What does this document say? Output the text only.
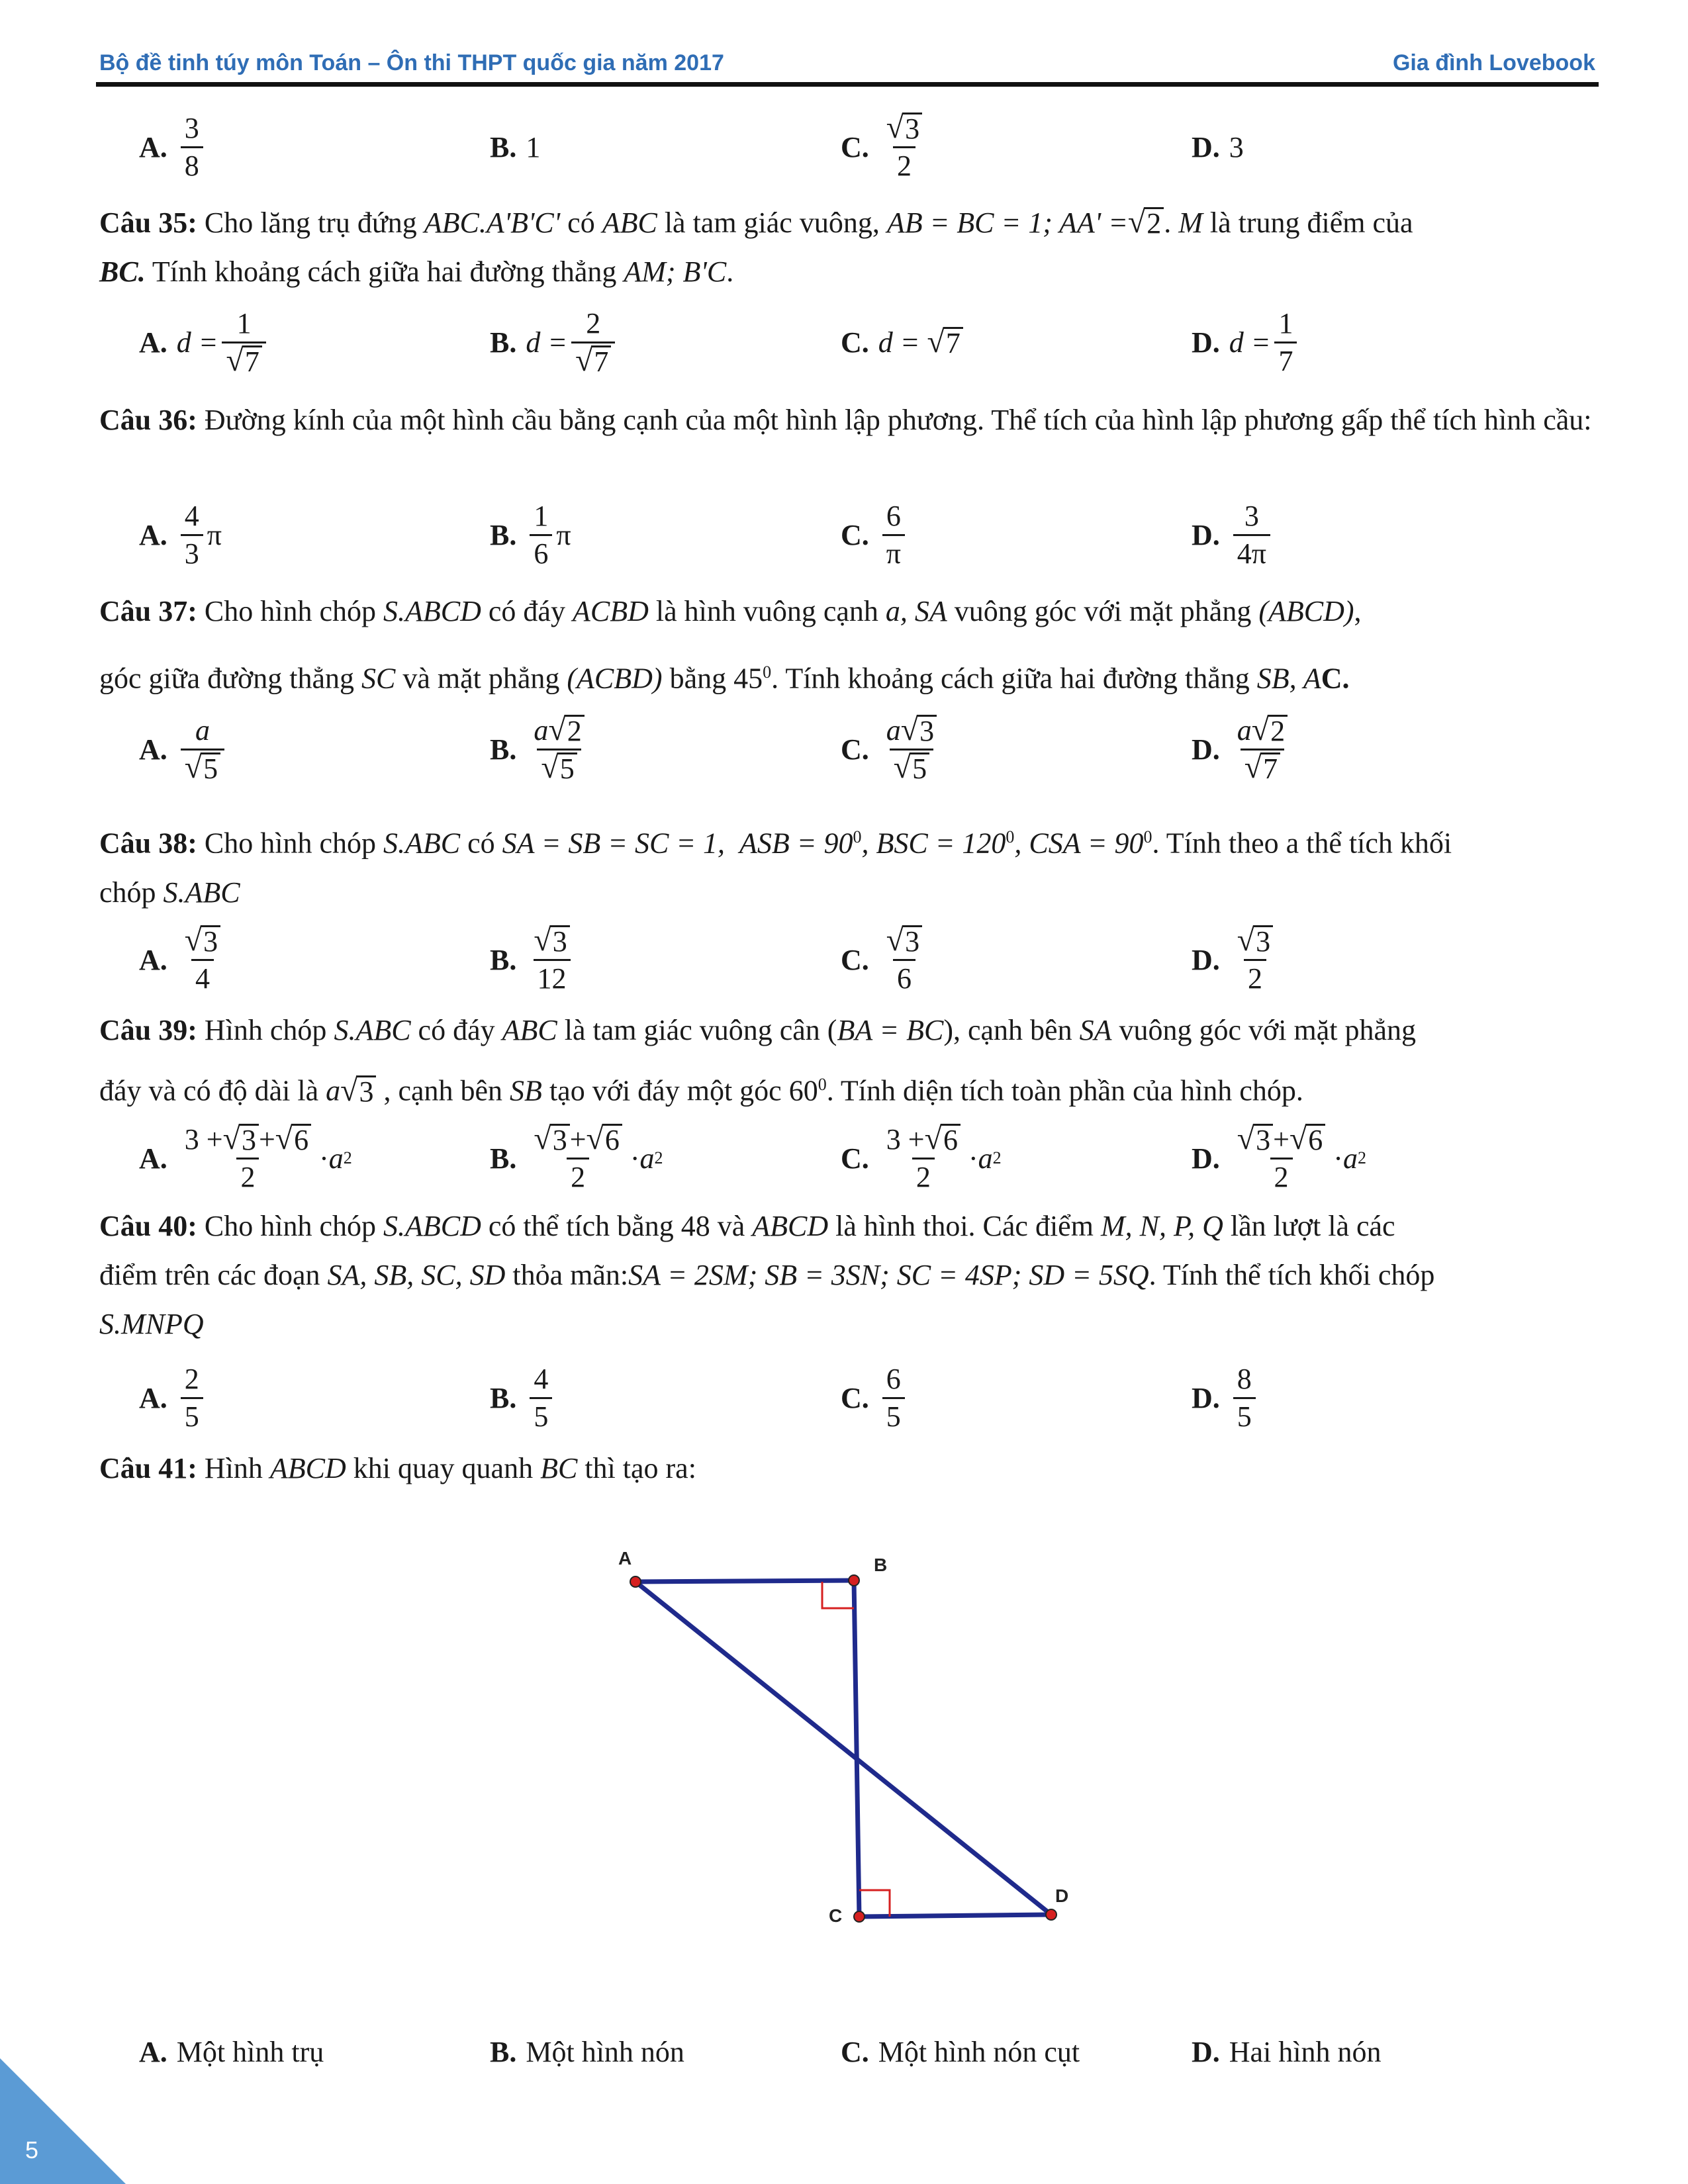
Bộ đề tinh túy môn Toán – Ôn thi THPT quốc gia năm 2017	Gia đình Lovebook
A. $\frac{3}{8}$	B. 1	C. $\frac{√ 3}{2}$	D. 3
Câu 35: Cho lăng trụ đứng ABC.A'B'C' có ABC là tam giác vuông, AB = BC = 1; AA' = √ 2 . M là trung điểm của
BC. Tính khoảng cách giữa hai đường thẳng AM; B'C.
A. $d = \frac{1}{√ 7}$	B. $d = \frac{2}{√ 7}$	C. d =
√ 7	D. $d = \frac{1}{7}$
Câu 36: Đường kính của một hình cầu bằng cạnh của một hình lập phương. Thể tích của hình lập phương gấp thể tích hình cầu:
A. $\frac{4}{3}$ π	B. $\frac{1}{6}$ π	C. $\frac{6}{\pi}$	D. $\frac{3}{4\pi}$
Câu 37: Cho hình chóp S.ABCD có đáy ACBD là hình vuông cạnh a, SA vuông góc với mặt phẳng (ABCD),
góc giữa đường thẳng SC và mặt phẳng (ACBD) bằng $45^0$. Tính khoảng cách giữa hai đường thẳng SB, AC.
A. $\frac{a}{√ 5}$	B. $\frac{a √ 2}{√ 5}$	C. $\frac{a √ 3}{√ 5}$	D. $\frac{a √ 2}{√ 7}$
Câu 38: Cho hình chóp S.ABC có SA = SB = SC = 1, ASB = $90^0$, BSC = $120^0$, CSA = $90^0$. Tính theo a thể tích khối
chóp S.ABC
A. $\frac{√ 3}{4}$	B. $\frac{√ 3}{12}$	C. $\frac{√ 3}{6}$	D. $\frac{√ 3}{2}$
Câu 39: Hình chóp S.ABC có đáy ABC là tam giác vuông cân (BA = BC), cạnh bên SA vuông góc với mặt phẳng
đáy và có độ dài là a √ 3 , cạnh bên SB tạo với đáy một góc $60^0$. Tính diện tích toàn phần của hình chóp.
A. $\frac{3 + √ 3 + √ 6}{2} \cdot a$ 2	B. $\frac{√ 3 + √ 6}{2} \cdot a$ 2	C. $\frac{3 + √ 6}{2} \cdot a$ 2	D. $\frac{√ 3 + √ 6}{2} \cdot a$ 2
Câu 40: Cho hình chóp S.ABCD có thể tích bằng 48 và ABCD là hình thoi. Các điểm M, N, P, Q lần lượt là các
điểm trên các đoạn SA, SB, SC, SD thỏa mãn:SA = 2SM; SB = 3SN; SC = 4SP; SD = 5SQ. Tính thể tích khối chóp
S.MNPQ
A. $\frac{2}{5}$	B. $\frac{4}{5}$	C. $\frac{6}{5}$	D. $\frac{8}{5}$
Câu 41: Hình ABCD khi quay quanh BC thì tạo ra:
A	B
C
D
A. Một hình trụ	B. Một hình nón	C. Một hình nón cụt	D. Hai hình nón
5
